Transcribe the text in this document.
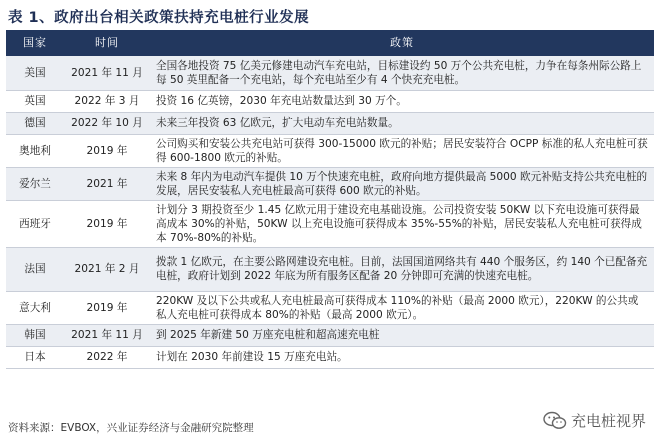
表 1、政府出台相关政策扶持充电桩行业发展
国家	时间	政策
美国	2021 年 11 月	全国各地投资 75 亿美元修建电动汽车充电站，目标建设约 50 万个公共充电桩，力争在每条州际公路上每 50 英里配备一个充电站，每个充电站至少有 4 个快充充电桩。
英国	2022 年 3 月	投资 16 亿英镑，2030 年充电站数量达到 30 万个。
德国	2022 年 10 月	未来三年投资 63 亿欧元，扩大电动车充电站数量。
奥地利	2019 年	公司购买和安装公共充电站可获得 300-15000 欧元的补贴；居民安装符合 OCPP 标准的私人充电桩可获得 600-1800 欧元的补贴。
爱尔兰	2021 年	未来 8 年内为电动汽车提供 10 万个快速充电桩，政府向地方提供最高 5000 欧元补贴支持公共充电桩的发展，居民安装私人充电桩最高可获得 600 欧元的补贴。
西班牙	2019 年	计划分 3 期投资至少 1.45 亿欧元用于建设充电基础设施。公司投资安装 50KW 以下充电设施可获得最高成本 30%的补贴，50KW 以上充电设施可获得成本 35%-55%的补贴，居民安装私人充电桩可获得成本 70%-80%的补贴。
法国	2021 年 2 月	拨款 1 亿欧元，在主要公路网建设充电桩。目前，法国国道网络共有 440 个服务区，约 140 个已配备充电桩，政府计划到 2022 年底为所有服务区配备 20 分钟即可充满的快速充电桩。
意大利	2019 年	220KW 及以下公共或私人充电桩最高可获得成本 110%的补贴（最高 2000 欧元），220KW 的公共或私人充电桩可获得成本 80%的补贴（最高 2000 欧元）。
韩国	2021 年 11 月	到 2025 年新建 50 万座充电桩和超高速充电桩
日本	2022 年	计划在 2030 年前建设 15 万座充电站。
资料来源：EVBOX，兴业证券经济与金融研究院整理	充电桩视界
